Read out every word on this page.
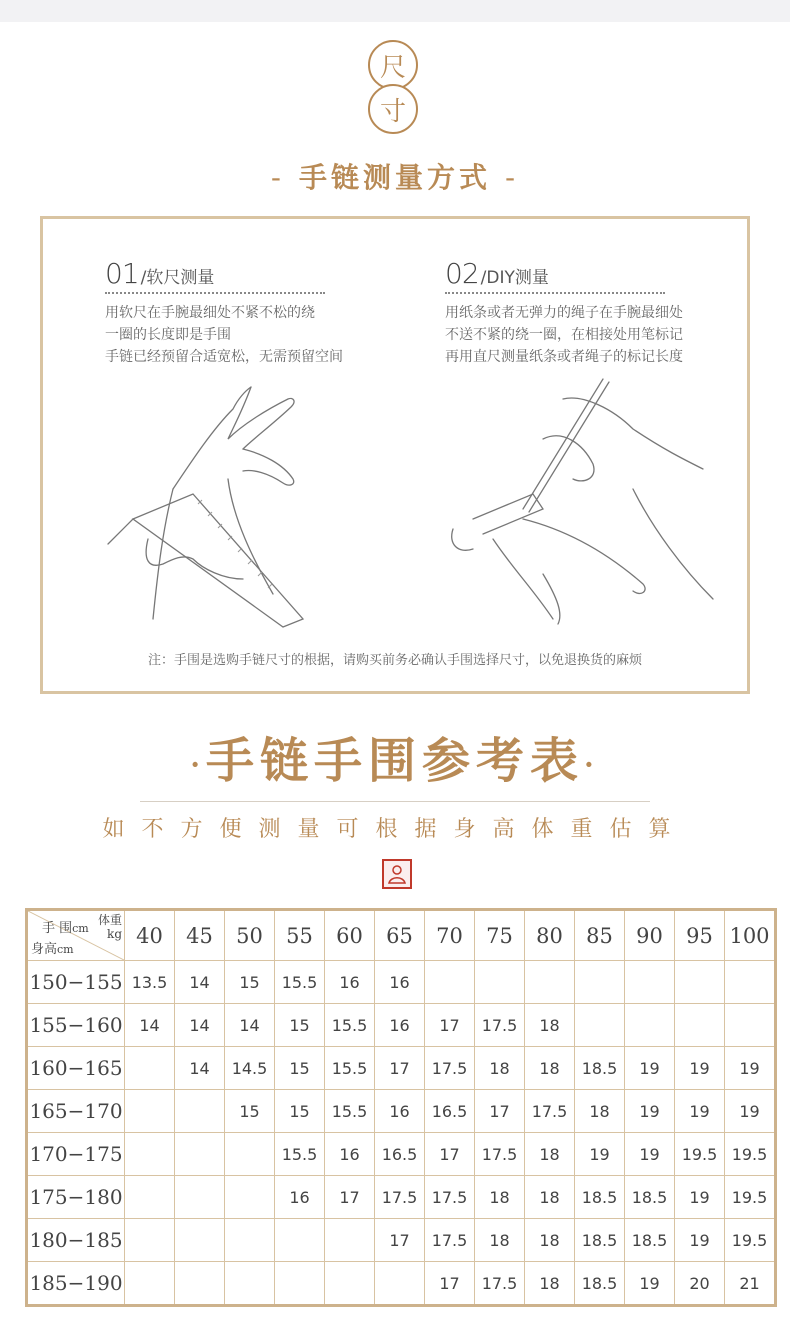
尺
寸
- 手链测量方式 -
01 /软尺测量
用软尺在手腕最细处不紧不松的绕
一圈的长度即是手围
手链已经预留合适宽松，无需预留空间
02 /DIY测量
用纸条或者无弹力的绳子在手腕最细处
不送不紧的绕一圈，在相接处用笔标记
再用直尺测量纸条或者绳子的标记长度
注：手围是选购手链尺寸的根据，请购买前务必确认手围选择尺寸，以免退换货的麻烦
·手链手围参考表·
如不方便测量可根据身高体重估算
体重
kg
手 围cm
身高cm	40	45	50	55	60	65	70	75	80	85	90	95	100
150−155	13.5	14	15	15.5	16	16							
155−160	14	14	14	15	15.5	16	17	17.5	18				
160−165		14	14.5	15	15.5	17	17.5	18	18	18.5	19	19	19
165−170			15	15	15.5	16	16.5	17	17.5	18	19	19	19
170−175				15.5	16	16.5	17	17.5	18	19	19	19.5	19.5
175−180				16	17	17.5	17.5	18	18	18.5	18.5	19	19.5
180−185						17	17.5	18	18	18.5	18.5	19	19.5
185−190							17	17.5	18	18.5	19	20	21
